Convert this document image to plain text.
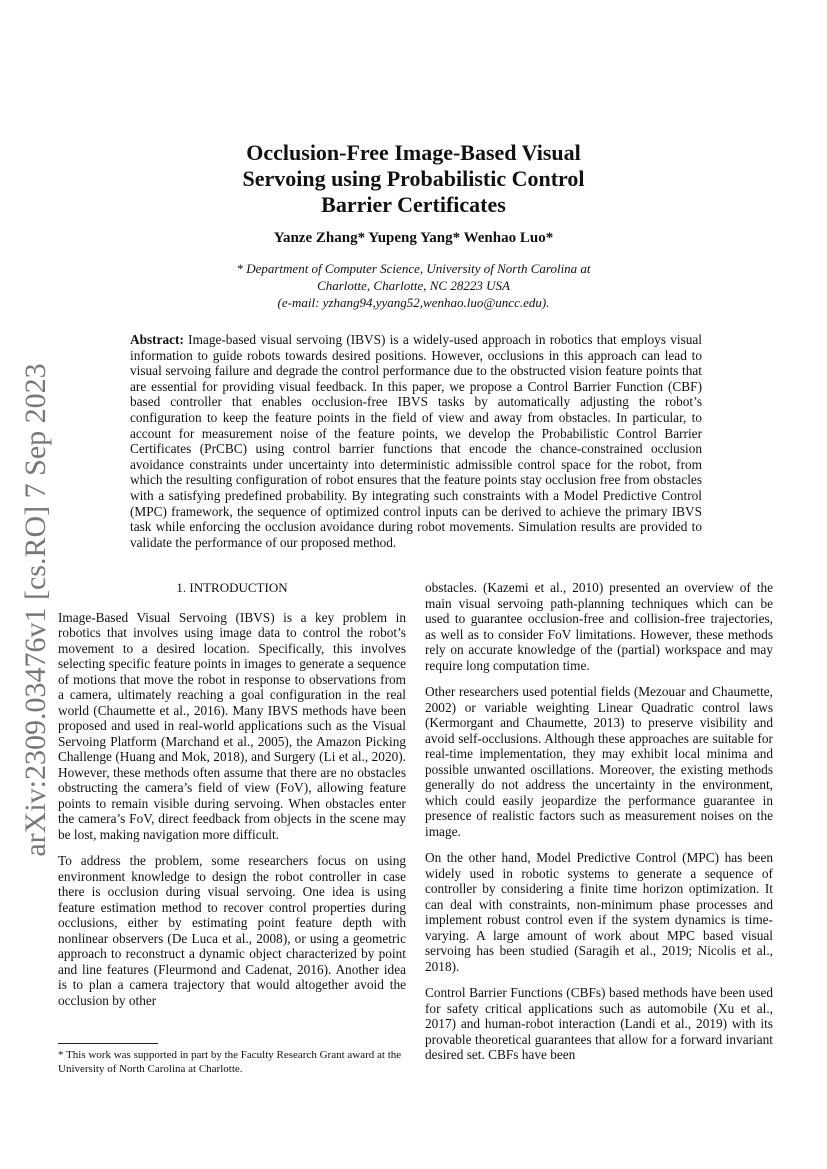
arXiv:2309.03476v1 [cs.RO] 7 Sep 2023
Occlusion-Free Image-Based Visual
Servoing using Probabilistic Control
Barrier Certificates
Yanze Zhang* Yupeng Yang* Wenhao Luo*
* Department of Computer Science, University of North Carolina at
Charlotte, Charlotte, NC 28223 USA
(e-mail: yzhang94,yyang52,wenhao.luo@uncc.edu).
Abstract: Image-based visual servoing (IBVS) is a widely-used approach in robotics that employs visual information to guide robots towards desired positions. However, occlusions in this approach can lead to visual servoing failure and degrade the control performance due to the obstructed vision feature points that are essential for providing visual feedback. In this paper, we propose a Control Barrier Function (CBF) based controller that enables occlusion-free IBVS tasks by automatically adjusting the robot’s configuration to keep the feature points in the field of view and away from obstacles. In particular, to account for measurement noise of the feature points, we develop the Probabilistic Control Barrier Certificates (PrCBC) using control barrier functions that encode the chance-constrained occlusion avoidance constraints under uncertainty into deterministic admissible control space for the robot, from which the resulting configuration of robot ensures that the feature points stay occlusion free from obstacles with a satisfying predefined probability. By integrating such constraints with a Model Predictive Control (MPC) framework, the sequence of optimized control inputs can be derived to achieve the primary IBVS task while enforcing the occlusion avoidance during robot movements. Simulation results are provided to validate the performance of our proposed method.
1. INTRODUCTION

Image-Based Visual Servoing (IBVS) is a key problem in robotics that involves using image data to control the robot’s movement to a desired location. Specifically, this involves selecting specific feature points in images to generate a sequence of motions that move the robot in response to observations from a camera, ultimately reaching a goal configuration in the real world (Chaumette et al., 2016). Many IBVS methods have been proposed and used in real-world applications such as the Visual Servoing Platform (Marchand et al., 2005), the Amazon Picking Challenge (Huang and Mok, 2018), and Surgery (Li et al., 2020). However, these methods often assume that there are no obstacles obstructing the camera’s field of view (FoV), allowing feature points to remain visible during servoing. When obstacles enter the camera’s FoV, direct feedback from objects in the scene may be lost, making navigation more difficult.

To address the problem, some researchers focus on using environment knowledge to design the robot controller in case there is occlusion during visual servoing. One idea is using feature estimation method to recover control properties during occlusions, either by estimating point feature depth with nonlinear observers (De Luca et al., 2008), or using a geometric approach to reconstruct a dynamic object characterized by point and line features (Fleurmond and Cadenat, 2016). Another idea is to plan a camera trajectory that would altogether avoid the occlusion by other

obstacles. (Kazemi et al., 2010) presented an overview of the main visual servoing path-planning techniques which can be used to guarantee occlusion-free and collision-free trajectories, as well as to consider FoV limitations. However, these methods rely on accurate knowledge of the (partial) workspace and may require long computation time.

Other researchers used potential fields (Mezouar and Chaumette, 2002) or variable weighting Linear Quadratic control laws (Kermorgant and Chaumette, 2013) to preserve visibility and avoid self-occlusions. Although these approaches are suitable for real-time implementation, they may exhibit local minima and possible unwanted oscillations. Moreover, the existing methods generally do not address the uncertainty in the environment, which could easily jeopardize the performance guarantee in presence of realistic factors such as measurement noises on the image.

On the other hand, Model Predictive Control (MPC) has been widely used in robotic systems to generate a sequence of controller by considering a finite time horizon optimization. It can deal with constraints, non-minimum phase processes and implement robust control even if the system dynamics is time-varying. A large amount of work about MPC based visual servoing has been studied (Saragih et al., 2019; Nicolis et al., 2018).

Control Barrier Functions (CBFs) based methods have been used for safety critical applications such as automobile (Xu et al., 2017) and human-robot interaction (Landi et al., 2019) with its provable theoretical guarantees that allow for a forward invariant desired set. CBFs have been

* This work was supported in part by the Faculty Research Grant award at the University of North Carolina at Charlotte.
